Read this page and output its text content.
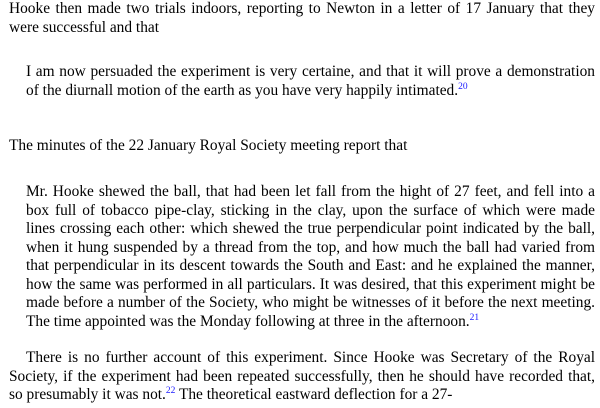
Hooke then made two trials indoors, reporting to Newton in a letter of 17 January that they were successful and that

I am now persuaded the experiment is very certaine, and that it will prove a demonstration of the diurnall motion of the earth as you have very happily intimated.$^{20}$

The minutes of the 22 January Royal Society meeting report that

Mr. Hooke shewed the ball, that had been let fall from the hight of 27 feet, and fell into a box full of tobacco pipe-clay, sticking in the clay, upon the surface of which were made lines crossing each other: which shewed the true perpendicular point indicated by the ball, when it hung suspended by a thread from the top, and how much the ball had varied from that perpendicular in its descent towards the South and East: and he explained the manner, how the same was performed in all particulars. It was desired, that this experiment might be made before a number of the Society, who might be witnesses of it before the next meeting. The time appointed was the Monday following at three in the afternoon.$^{21}$

There is no further account of this experiment. Since Hooke was Secretary of the Royal Society, if the experiment had been repeated successfully, then he should have recorded that, so presumably it was not.$^{22}$ The theoretical eastward deflection for a 27-
